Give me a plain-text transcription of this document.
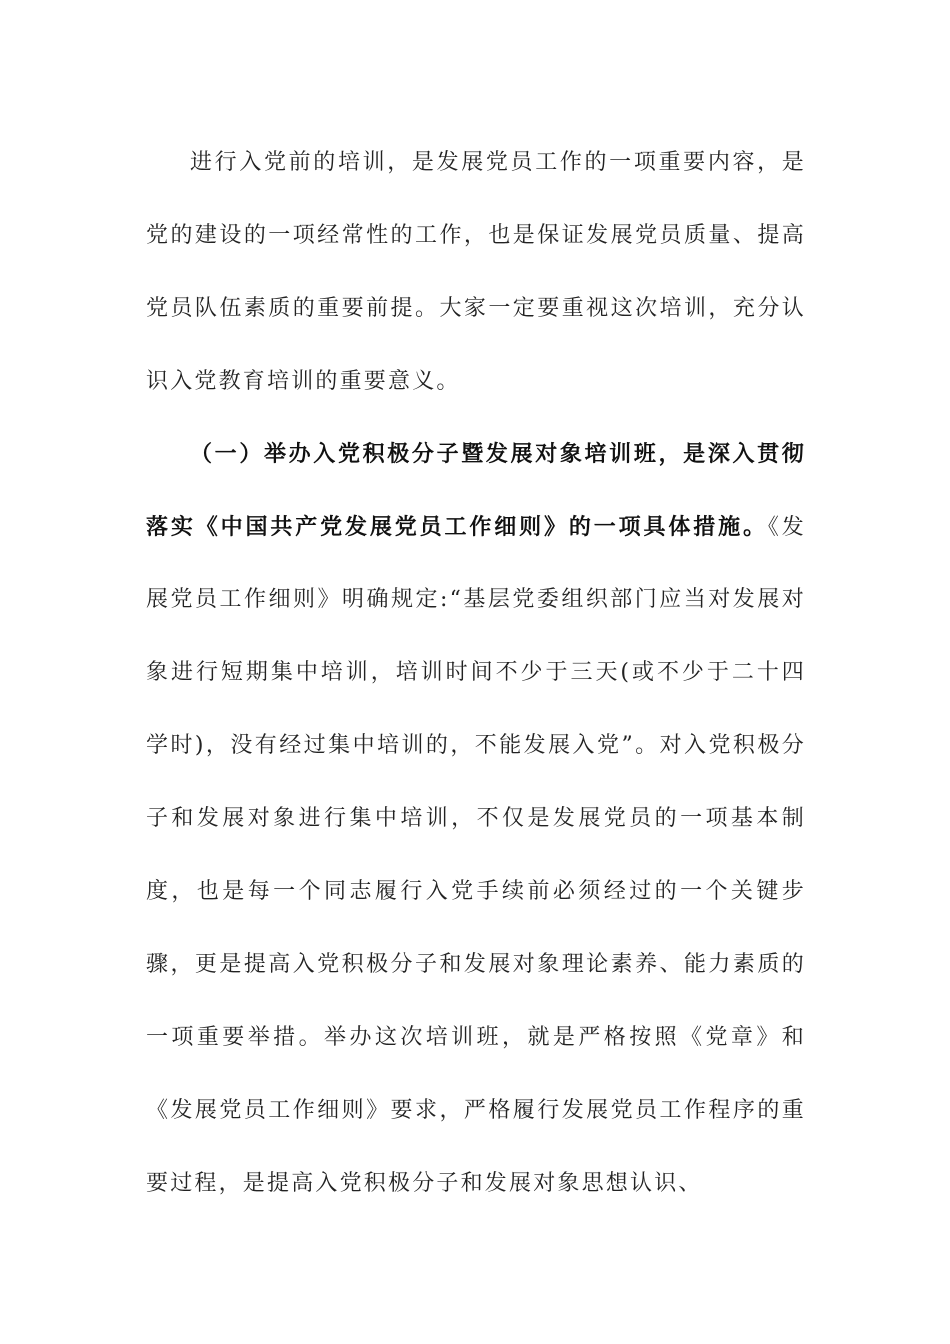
进行入党前的培训，是发展党员工作的一项重要内容，是党的建设的一项经常性的工作，也是保证发展党员质量、提高党员队伍素质的重要前提。大家一定要重视这次培训，充分认识入党教育培训的重要意义。

（一）举办入党积极分子暨发展对象培训班，是深入贯彻落实《中国共产党发展党员工作细则》的一项具体措施。《发展党员工作细则》明确规定:“基层党委组织部门应当对发展对象进行短期集中培训，培训时间不少于三天(或不少于二十四学时)，没有经过集中培训的，不能发展入党”。对入党积极分子和发展对象进行集中培训，不仅是发展党员的一项基本制度，也是每一个同志履行入党手续前必须经过的一个关键步骤，更是提高入党积极分子和发展对象理论素养、能力素质的一项重要举措。举办这次培训班，就是严格按照《党章》和《发展党员工作细则》要求，严格履行发展党员工作程序的重要过程，是提高入党积极分子和发展对象思想认识、
